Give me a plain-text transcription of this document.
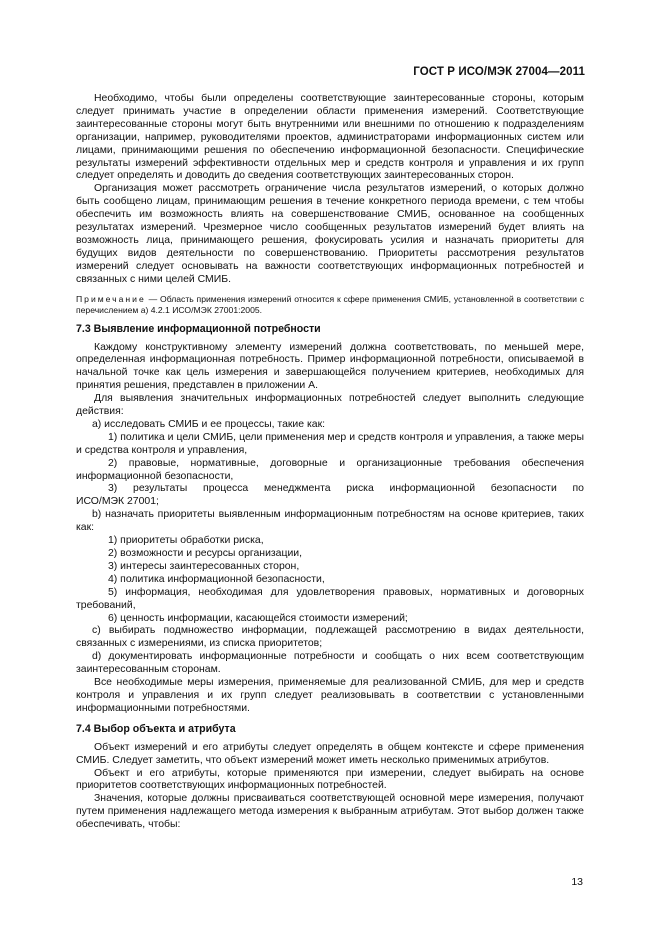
ГОСТ Р ИСО/МЭК 27004—2011

Необходимо, чтобы были определены соответствующие заинтересованные стороны, которым следует принимать участие в определении области применения измерений. Соответствующие заинтересованные стороны могут быть внутренними или внешними по отношению к подразделениям организации, например, руководителями проектов, администраторами информационных систем или лицами, принимающими решения по обеспечению информационной безопасности. Специфические результаты измерений эффективности отдельных мер и средств контроля и управления и их групп следует определять и доводить до сведения соответствующих заинтересованных сторон.

Организация может рассмотреть ограничение числа результатов измерений, о которых должно быть сообщено лицам, принимающим решения в течение конкретного периода времени, с тем чтобы обеспечить им возможность влиять на совершенствование СМИБ, основанное на сообщенных результатах измерений. Чрезмерное число сообщенных результатов измерений будет влиять на возможность лица, принимающего решения, фокусировать усилия и назначать приоритеты для будущих видов деятельности по совершенствованию. Приоритеты рассмотрения результатов измерений следует основывать на важности соответствующих информационных потребностей и связанных с ними целей СМИБ.

Примечание — Область применения измерений относится к сфере применения СМИБ, установленной в соответствии с перечислением а) 4.2.1 ИСО/МЭК 27001:2005.

7.3 Выявление информационной потребности

Каждому конструктивному элементу измерений должна соответствовать, по меньшей мере, определенная информационная потребность. Пример информационной потребности, описываемой в начальной точке как цель измерения и завершающейся получением критериев, необходимых для принятия решения, представлен в приложении А.

Для выявления значительных информационных потребностей следует выполнить следующие действия:

а) исследовать СМИБ и ее процессы, такие как:

1) политика и цели СМИБ, цели применения мер и средств контроля и управления, а также меры и средства контроля и управления,

2) правовые, нормативные, договорные и организационные требования обеспечения информационной безопасности,

3) результаты процесса менеджмента риска информационной безопасности по

ИСО/МЭК 27001;

b) назначать приоритеты выявленным информационным потребностям на основе критериев, таких как:

1) приоритеты обработки риска,

2) возможности и ресурсы организации,

3) интересы заинтересованных сторон,

4) политика информационной безопасности,

5) информация, необходимая для удовлетворения правовых, нормативных и договорных требований,

6) ценность информации, касающейся стоимости измерений;

с) выбирать подмножество информации, подлежащей рассмотрению в видах деятельности, связанных с измерениями, из списка приоритетов;

d) документировать информационные потребности и сообщать о них всем соответствующим заинтересованным сторонам.

Все необходимые меры измерения, применяемые для реализованной СМИБ, для мер и средств контроля и управления и их групп следует реализовывать в соответствии с установленными информационными потребностями.

7.4 Выбор объекта и атрибута

Объект измерений и его атрибуты следует определять в общем контексте и сфере применения СМИБ. Следует заметить, что объект измерений может иметь несколько применимых атрибутов.

Объект и его атрибуты, которые применяются при измерении, следует выбирать на основе приоритетов соответствующих информационных потребностей.

Значения, которые должны присваиваться соответствующей основной мере измерения, получают путем применения надлежащего метода измерения к выбранным атрибутам. Этот выбор должен также обеспечивать, чтобы:

13
